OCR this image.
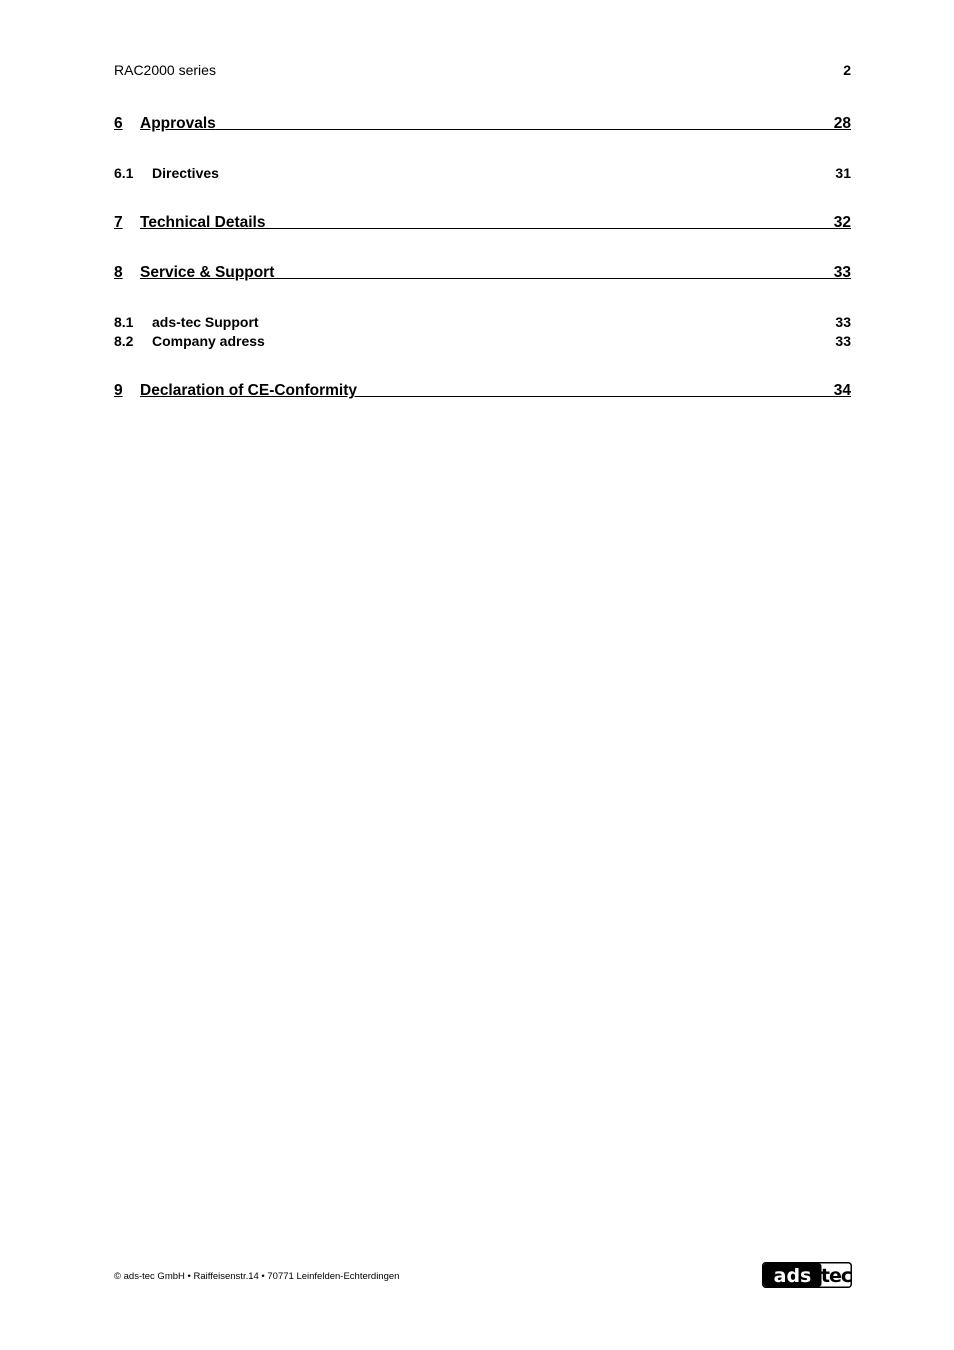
RAC2000 series	2
6	Approvals	28
6.1	Directives	31
7	Technical Details	32
8	Service & Support	33
8.1	ads-tec Support	33
8.2	Company adress	33
9	Declaration of CE-Conformity	34
© ads-tec GmbH • Raiffeisenstr.14 • 70771 Leinfelden-Echterdingen	ads tec
